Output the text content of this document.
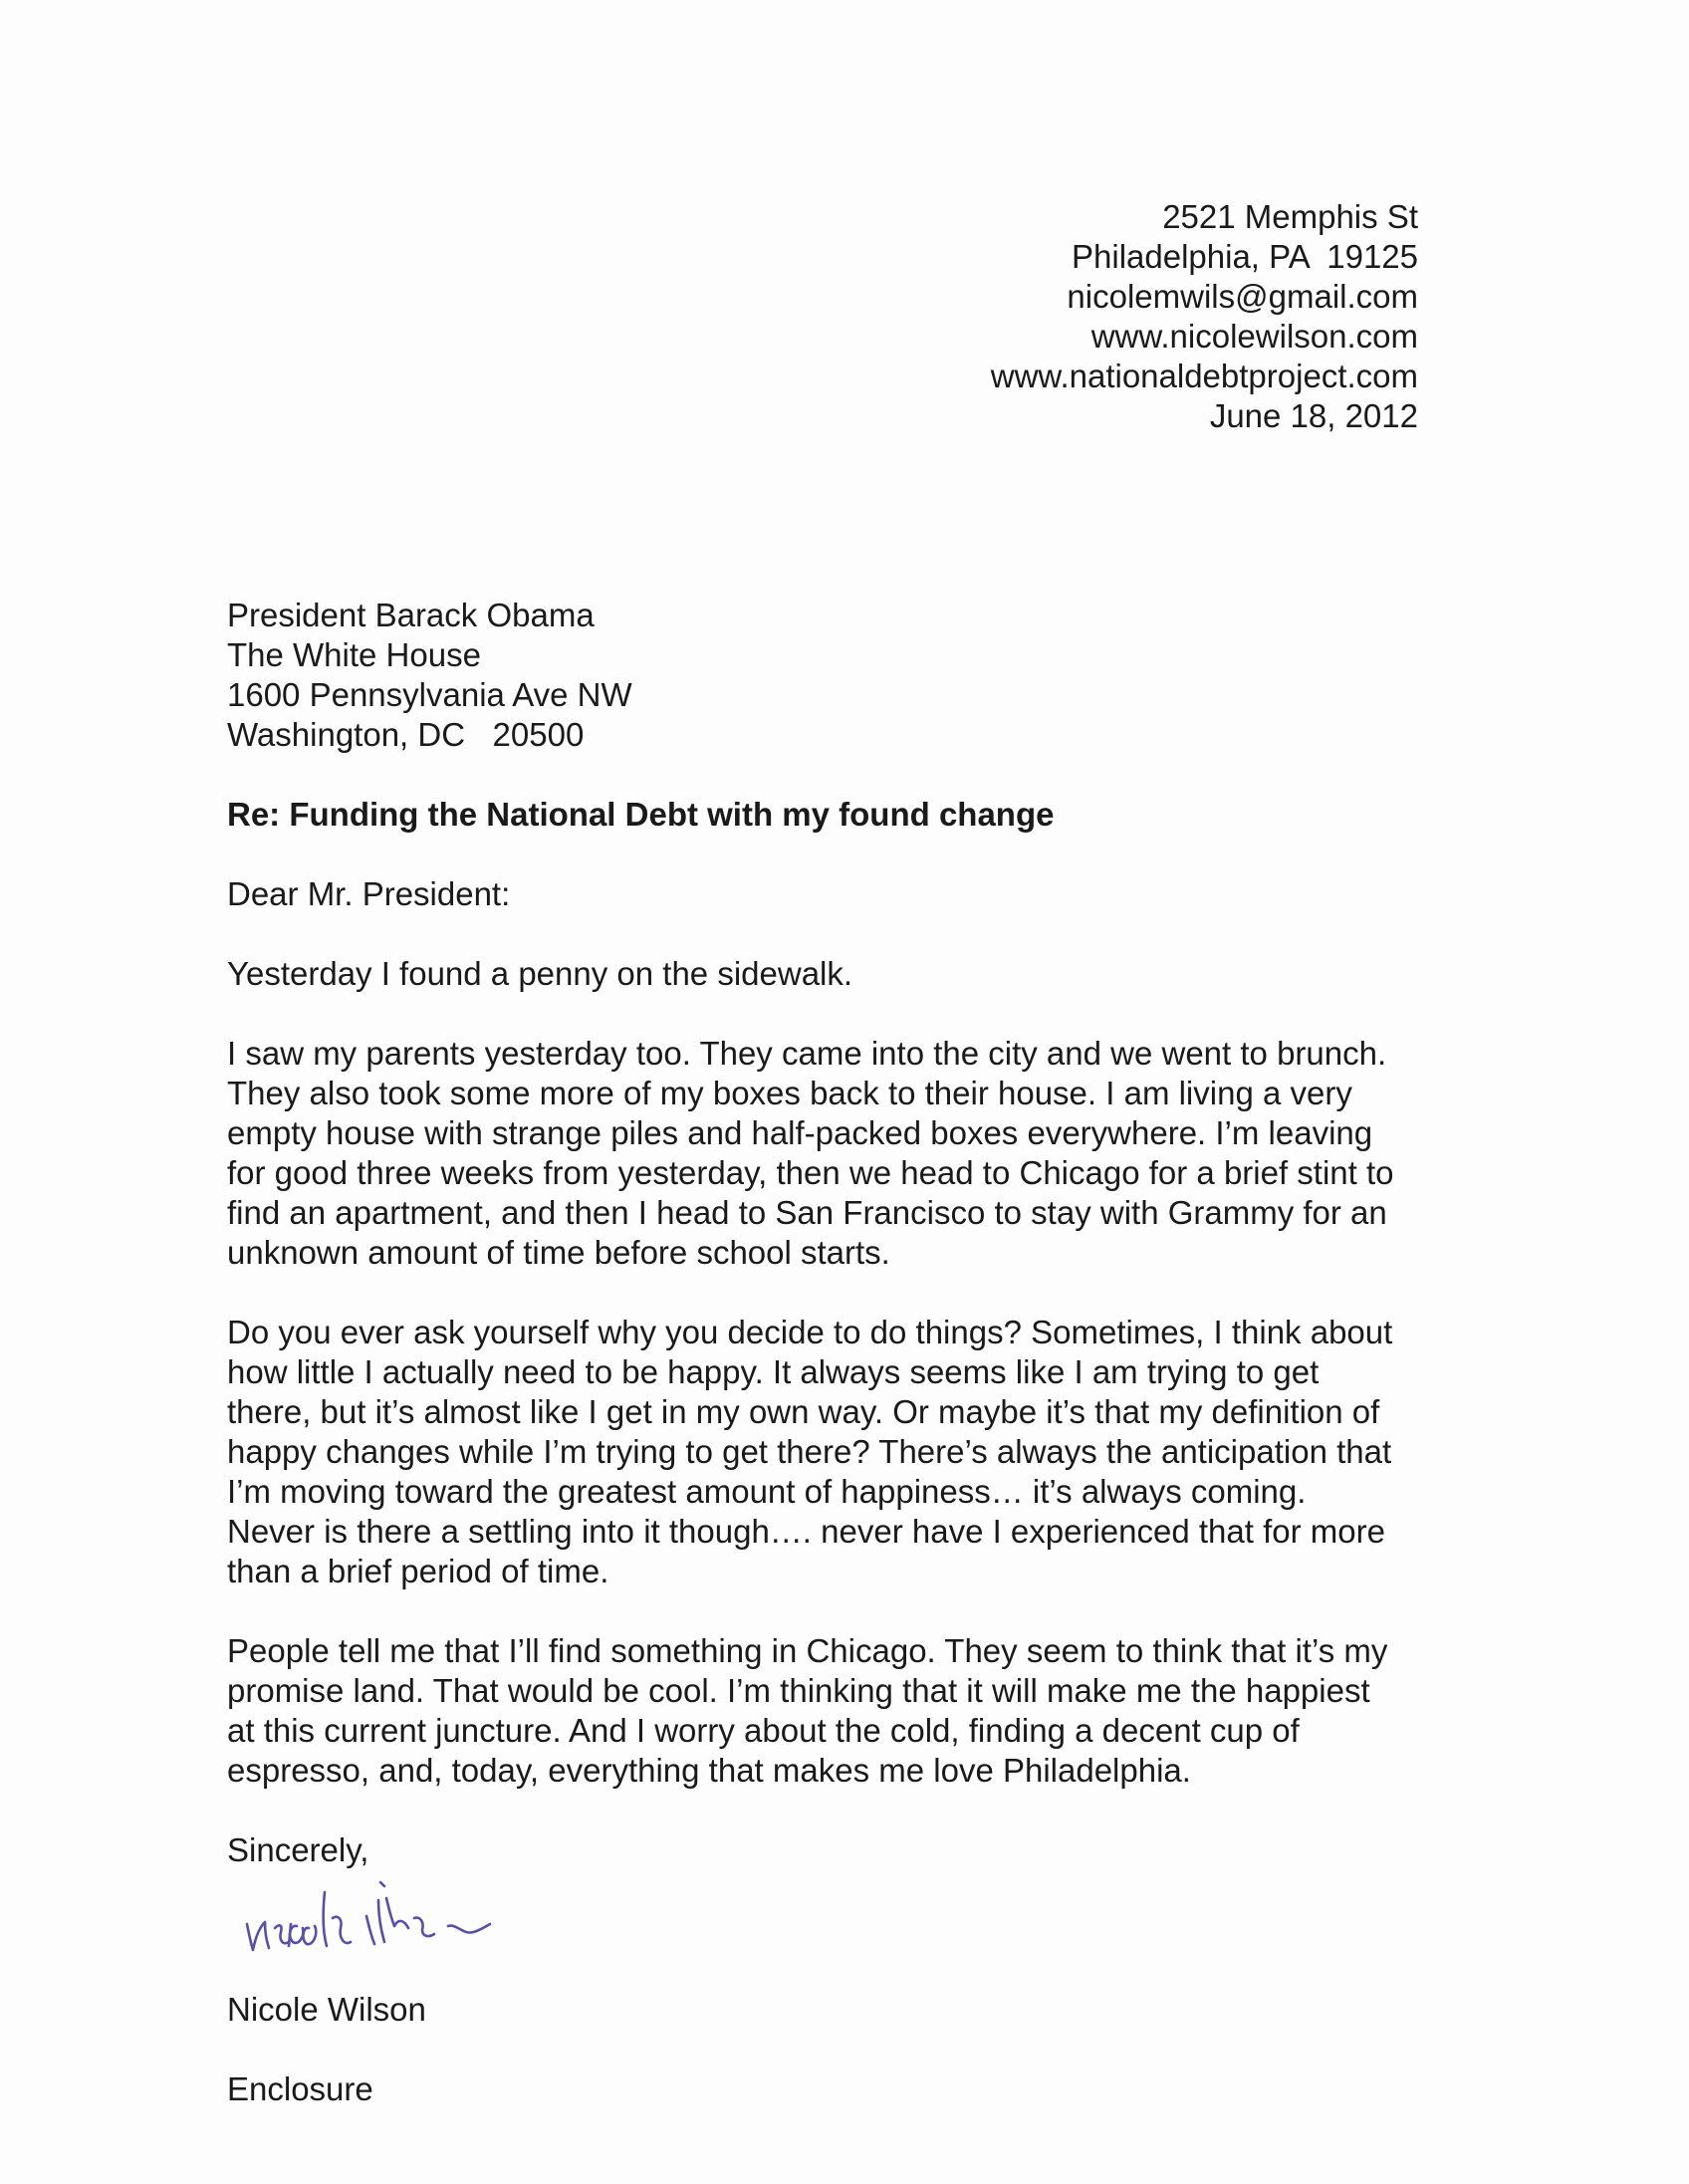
2521 Memphis St
Philadelphia, PA  19125
nicolemwils@gmail.com
www.nicolewilson.com
www.nationaldebtproject.com
June 18, 2012
President Barack Obama
The White House
1600 Pennsylvania Ave NW
Washington, DC   20500
Re: Funding the National Debt with my found change
Dear Mr. President:
Yesterday I found a penny on the sidewalk.
I saw my parents yesterday too. They came into the city and we went to brunch.
They also took some more of my boxes back to their house. I am living a very
empty house with strange piles and half-packed boxes everywhere. I’m leaving
for good three weeks from yesterday, then we head to Chicago for a brief stint to
find an apartment, and then I head to San Francisco to stay with Grammy for an
unknown amount of time before school starts.
Do you ever ask yourself why you decide to do things? Sometimes, I think about
how little I actually need to be happy. It always seems like I am trying to get
there, but it’s almost like I get in my own way. Or maybe it’s that my definition of
happy changes while I’m trying to get there? There’s always the anticipation that
I’m moving toward the greatest amount of happiness… it’s always coming.
Never is there a settling into it though…. never have I experienced that for more
than a brief period of time.
People tell me that I’ll find something in Chicago. They seem to think that it’s my
promise land. That would be cool. I’m thinking that it will make me the happiest
at this current juncture. And I worry about the cold, finding a decent cup of
espresso, and, today, everything that makes me love Philadelphia.
Sincerely,
Nicole Wilson
Enclosure
